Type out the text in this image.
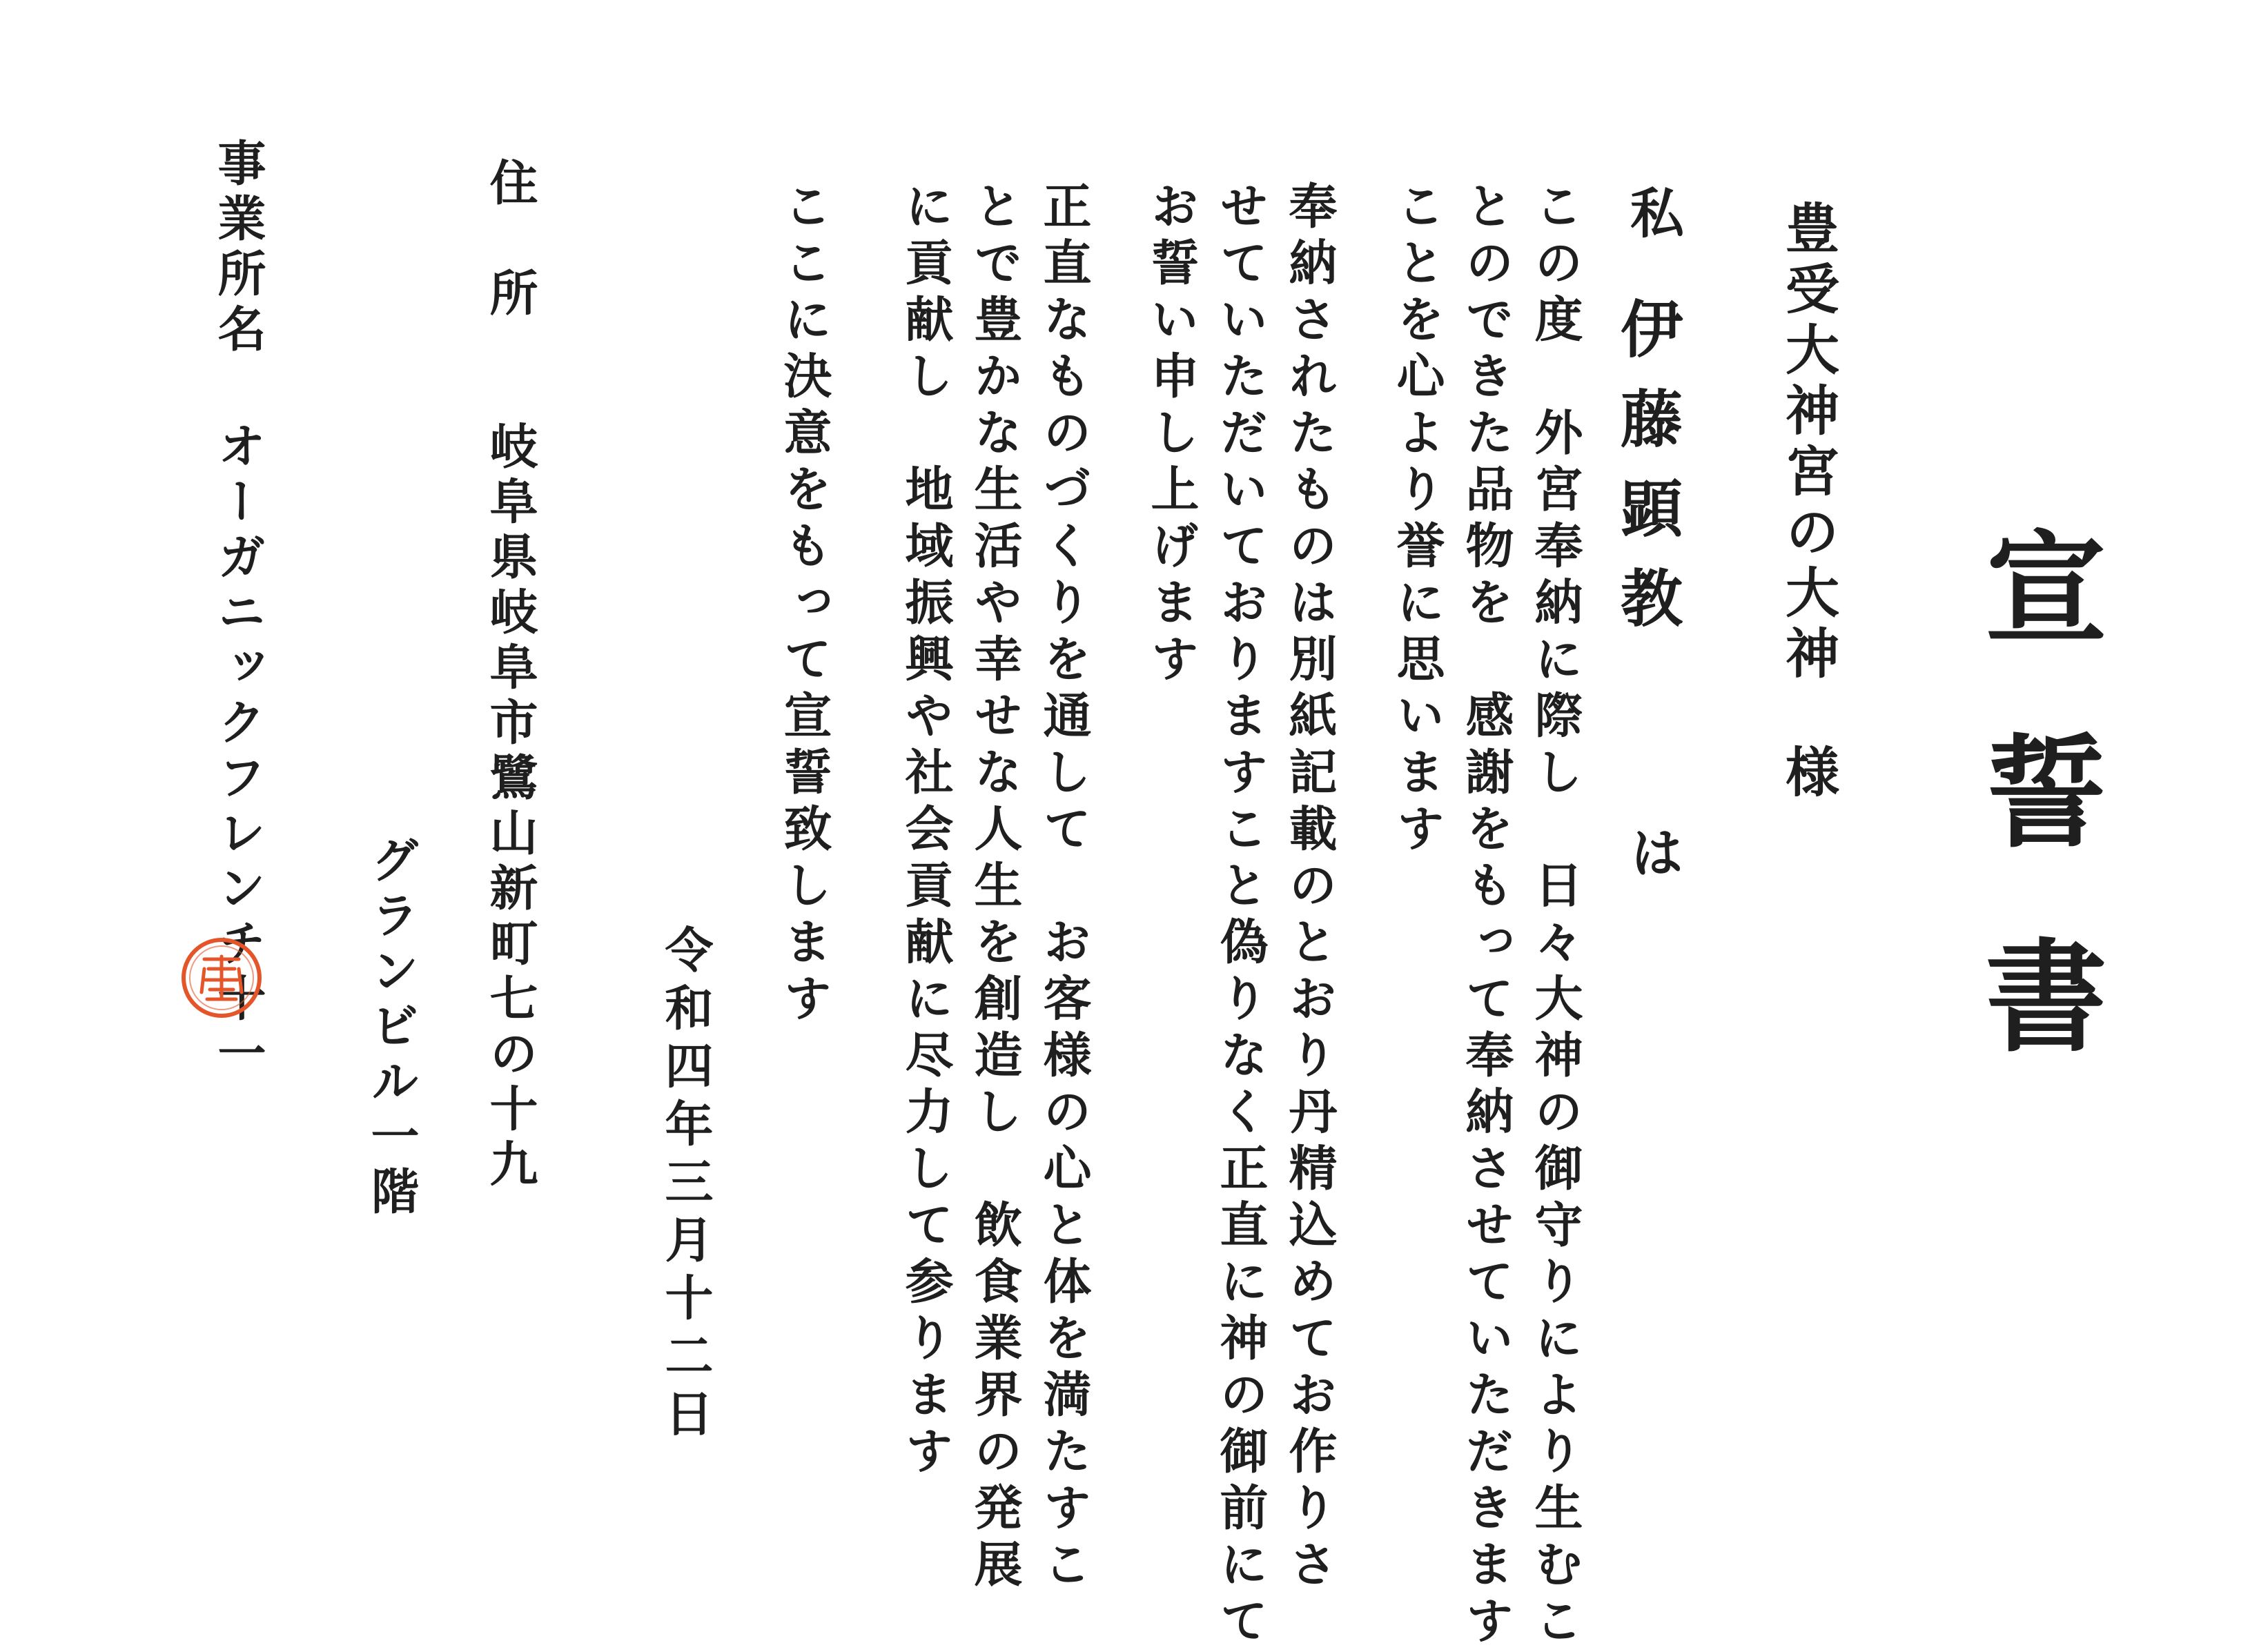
宣誓書
豊受大神宮の大神
様
私
伊藤顕教
は
この度　外宮奉納に際し　日々大神の御守りにより生むこ
とのできた品物を　感謝をもって奉納させていただきます
ことを心より誉に思います
奉納されたものは別紙記載のとおり丹精込めてお作りさ
せていただいておりますこと偽りなく正直に神の御前にて
お誓い申し上げます
正直なものづくりを通して　お客様の心と体を満たすこ
とで豊かな生活や幸せな人生を創造し　飲食業界の発展
に貢献し　地域振興や社会貢献に尽力して参ります
ここに決意をもって宣誓致します
令和四年三月十二日
住　所
岐阜県岐阜市鷺山新町七の十九
グランビル一階
事業所名
オーガニックフレンチ十一
